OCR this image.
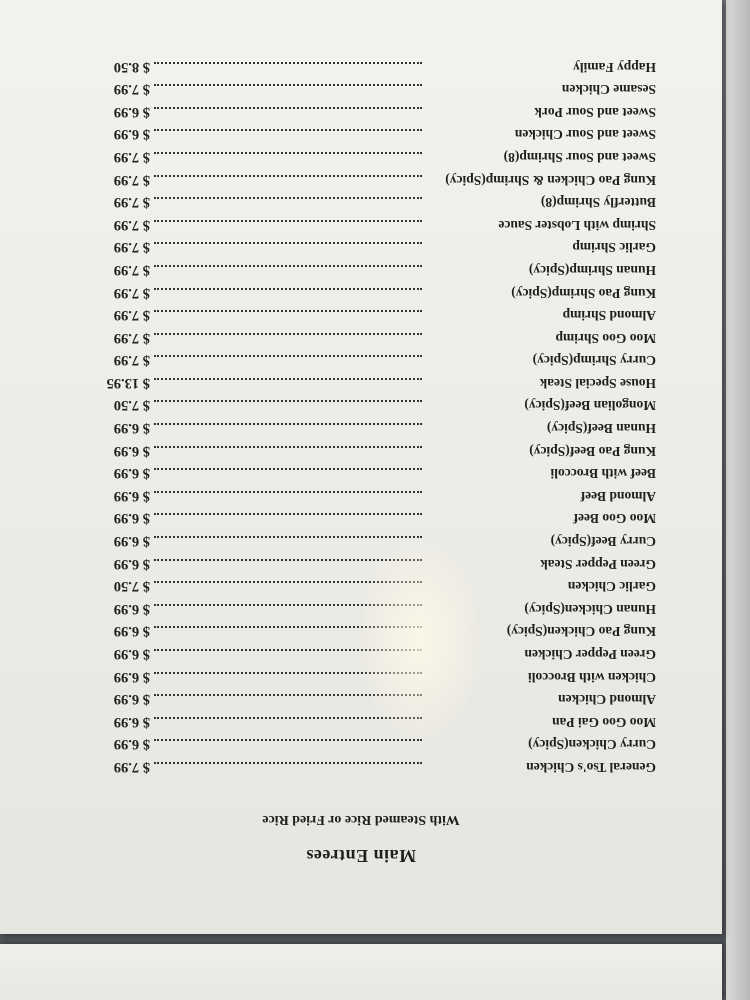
Main Entrees
With Steamed Rice or Fried Rice
General Tso's Chicken
$ 7.99
Curry Chicken(Spicy)
$ 6.99
Moo Goo Gai Pan
$ 6.99
Almond Chicken
$ 6.99
Chicken with Broccoli
$ 6.99
Green Pepper Chicken
$ 6.99
Kung Pao Chicken(Spicy)
$ 6.99
Hunan Chicken(Spicy)
$ 6.99
Garlic Chicken
$ 7.50
Green Pepper Steak
$ 6.99
Curry Beef(Spicy)
$ 6.99
Moo Goo Beef
$ 6.99
Almond Beef
$ 6.99
Beef with Broccoli
$ 6.99
Kung Pao Beef(Spicy)
$ 6.99
Hunan Beef(Spicy)
$ 6.99
Mongolian Beef(Spicy)
$ 7.50
House Special Steak
$ 13.95
Curry Shrimp(Spicy)
$ 7.99
Moo Goo Shrimp
$ 7.99
Almond Shrimp
$ 7.99
Kung Pao Shrimp(Spicy)
$ 7.99
Hunan Shrimp(Spicy)
$ 7.99
Garlic Shrimp
$ 7.99
Shrimp with Lobster Sauce
$ 7.99
Butterfly Shrimp(8)
$ 7.99
Kung Pao Chicken & Shrimp(Spicy)
$ 7.99
Sweet and Sour Shrimp(8)
$ 7.99
Sweet and Sour Chicken
$ 6.99
Sweet and Sour Pork
$ 6.99
Sesame Chicken
$ 7.99
Happy Family
$ 8.50
